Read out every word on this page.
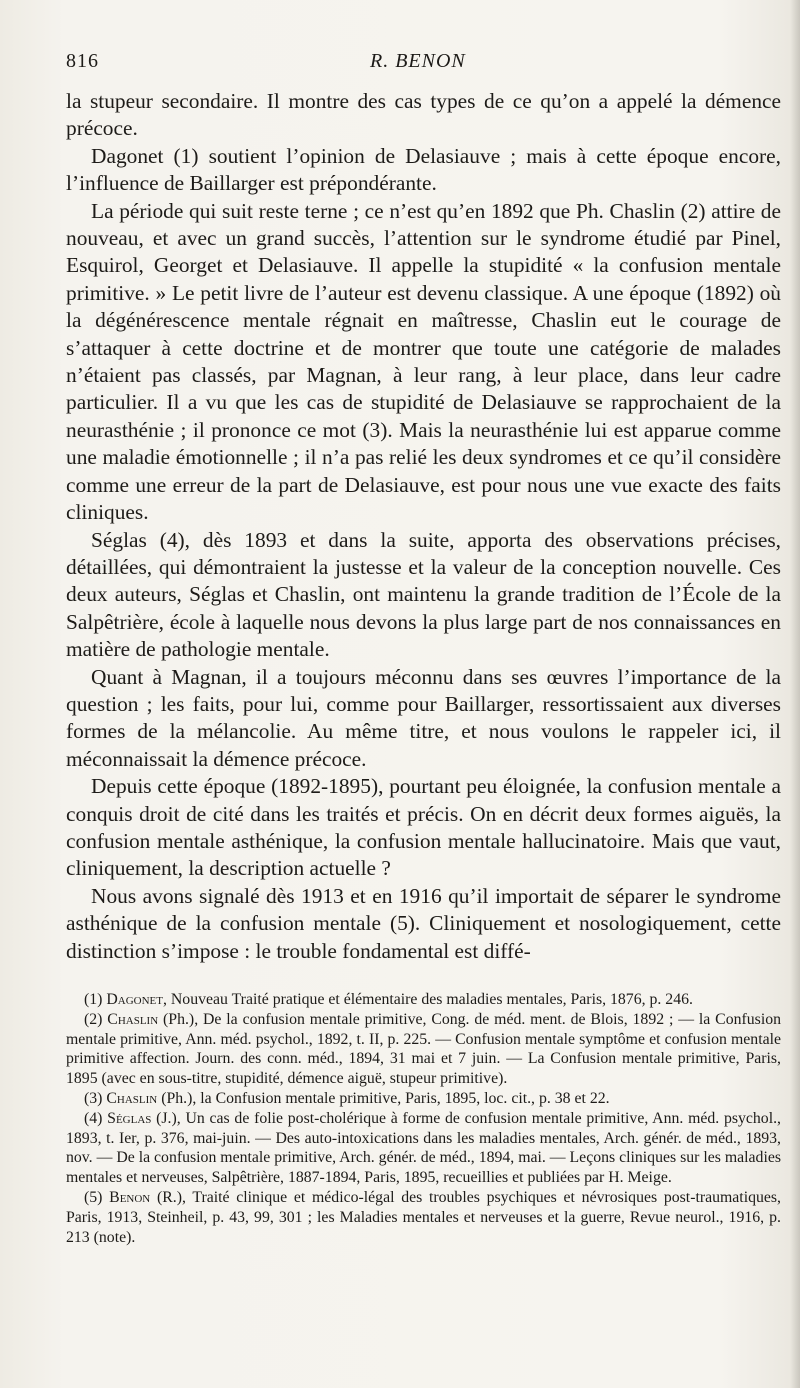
816	R. BENON

la stupeur secondaire. Il montre des cas types de ce qu’on a appelé la démence précoce.

Dagonet (1) soutient l’opinion de Delasiauve ; mais à cette époque encore, l’influence de Baillarger est prépondérante.

La période qui suit reste terne ; ce n’est qu’en 1892 que Ph. Chaslin (2) attire de nouveau, et avec un grand succès, l’attention sur le syndrome étudié par Pinel, Esquirol, Georget et Delasiauve. Il appelle la stupidité « la confusion mentale primitive. » Le petit livre de l’auteur est devenu classique. A une époque (1892) où la dégénérescence mentale régnait en maîtresse, Chaslin eut le courage de s’attaquer à cette doctrine et de montrer que toute une catégorie de malades n’étaient pas classés, par Magnan, à leur rang, à leur place, dans leur cadre particulier. Il a vu que les cas de stupidité de Delasiauve se rapprochaient de la neurasthénie ; il prononce ce mot (3). Mais la neurasthénie lui est apparue comme une maladie émotionnelle ; il n’a pas relié les deux syndromes et ce qu’il considère comme une erreur de la part de Delasiauve, est pour nous une vue exacte des faits cliniques.

Séglas (4), dès 1893 et dans la suite, apporta des observations précises, détaillées, qui démontraient la justesse et la valeur de la conception nouvelle. Ces deux auteurs, Séglas et Chaslin, ont maintenu la grande tradition de l’École de la Salpêtrière, école à laquelle nous devons la plus large part de nos connaissances en matière de pathologie mentale.

Quant à Magnan, il a toujours méconnu dans ses œuvres l’importance de la question ; les faits, pour lui, comme pour Baillarger, ressortissaient aux diverses formes de la mélancolie. Au même titre, et nous voulons le rappeler ici, il méconnaissait la démence précoce.

Depuis cette époque (1892-1895), pourtant peu éloignée, la confusion mentale a conquis droit de cité dans les traités et précis. On en décrit deux formes aiguës, la confusion mentale asthénique, la confusion mentale hallucinatoire. Mais que vaut, cliniquement, la description actuelle ?

Nous avons signalé dès 1913 et en 1916 qu’il importait de séparer le syndrome asthénique de la confusion mentale (5). Cliniquement et nosologiquement, cette distinction s’impose : le trouble fondamental est diffé-

(1) Dagonet, Nouveau Traité pratique et élémentaire des maladies mentales, Paris, 1876, p. 246.

(2) Chaslin (Ph.), De la confusion mentale primitive, Cong. de méd. ment. de Blois, 1892 ; — la Confusion mentale primitive, Ann. méd. psychol., 1892, t. II, p. 225. — Confusion mentale symptôme et confusion mentale primitive affection. Journ. des conn. méd., 1894, 31 mai et 7 juin. — La Confusion mentale primitive, Paris, 1895 (avec en sous-titre, stupidité, démence aiguë, stupeur primitive).

(3) Chaslin (Ph.), la Confusion mentale primitive, Paris, 1895, loc. cit., p. 38 et 22.

(4) Séglas (J.), Un cas de folie post-cholérique à forme de confusion mentale primitive, Ann. méd. psychol., 1893, t. Ier, p. 376, mai-juin. — Des auto-intoxications dans les maladies mentales, Arch. génér. de méd., 1893, nov. — De la confusion mentale primitive, Arch. génér. de méd., 1894, mai. — Leçons cliniques sur les maladies mentales et nerveuses, Salpêtrière, 1887-1894, Paris, 1895, recueillies et publiées par H. Meige.

(5) Benon (R.), Traité clinique et médico-légal des troubles psychiques et névrosiques post-traumatiques, Paris, 1913, Steinheil, p. 43, 99, 301 ; les Maladies mentales et nerveuses et la guerre, Revue neurol., 1916, p. 213 (note).
